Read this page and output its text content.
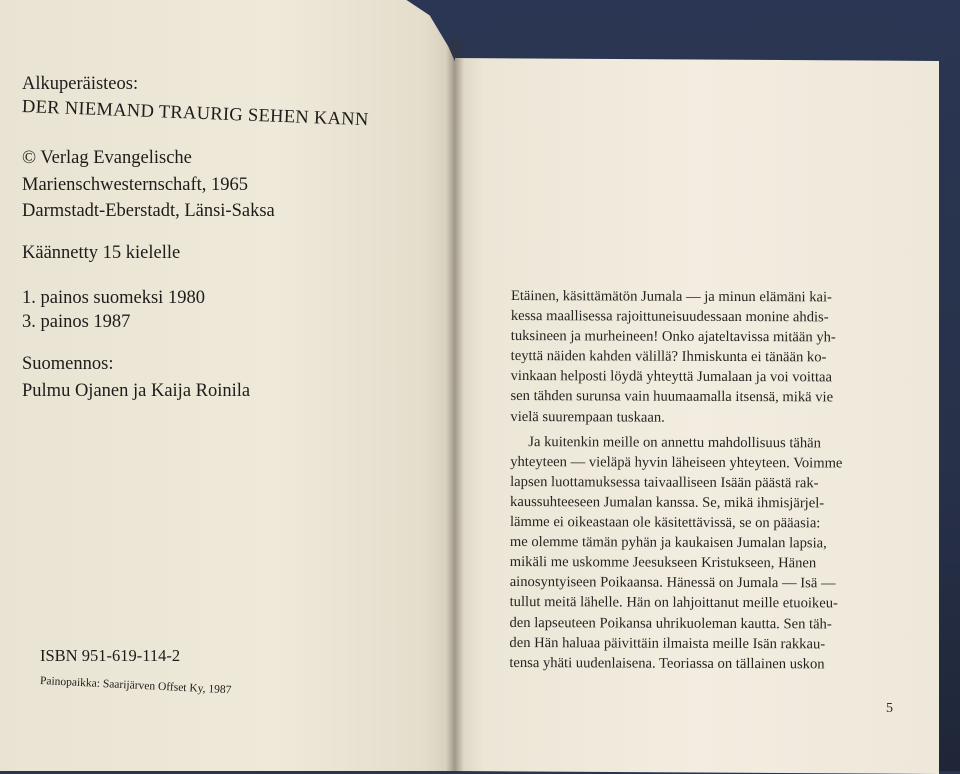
Alkuperäisteos:
DER NIEMAND TRAURIG SEHEN KANN
© Verlag Evangelische
Marienschwesternschaft, 1965
Darmstadt-Eberstadt, Länsi-Saksa
Käännetty 15 kielelle
1. painos suomeksi 1980
3. painos 1987
Suomennos:
Pulmu Ojanen ja Kaija Roinila
ISBN 951-619-114-2
Painopaikka: Saarijärven Offset Ky, 1987

Etäinen, käsittämätön Jumala — ja minun elämäni kai-
kessa maallisessa rajoittuneisuudessaan monine ahdis-
tuksineen ja murheineen! Onko ajateltavissa mitään yh-
teyttä näiden kahden välillä? Ihmiskunta ei tänään ko-
vinkaan helposti löydä yhteyttä Jumalaan ja voi voittaa
sen tähden surunsa vain huumaamalla itsensä, mikä vie
vielä suurempaan tuskaan.

Ja kuitenkin meille on annettu mahdollisuus tähän
yhteyteen — vieläpä hyvin läheiseen yhteyteen. Voimme
lapsen luottamuksessa taivaalliseen Isään päästä rak-
kaussuhteeseen Jumalan kanssa. Se, mikä ihmisjärjel-
lämme ei oikeastaan ole käsitettävissä, se on pääasia:
me olemme tämän pyhän ja kaukaisen Jumalan lapsia,
mikäli me uskomme Jeesukseen Kristukseen, Hänen
ainosyntyiseen Poikaansa. Hänessä on Jumala — Isä —
tullut meitä lähelle. Hän on lahjoittanut meille etuoikeu-
den lapseuteen Poikansa uhrikuoleman kautta. Sen täh-
den Hän haluaa päivittäin ilmaista meille Isän rakkau-
tensa yhäti uudenlaisena. Teoriassa on tällainen uskon

5
